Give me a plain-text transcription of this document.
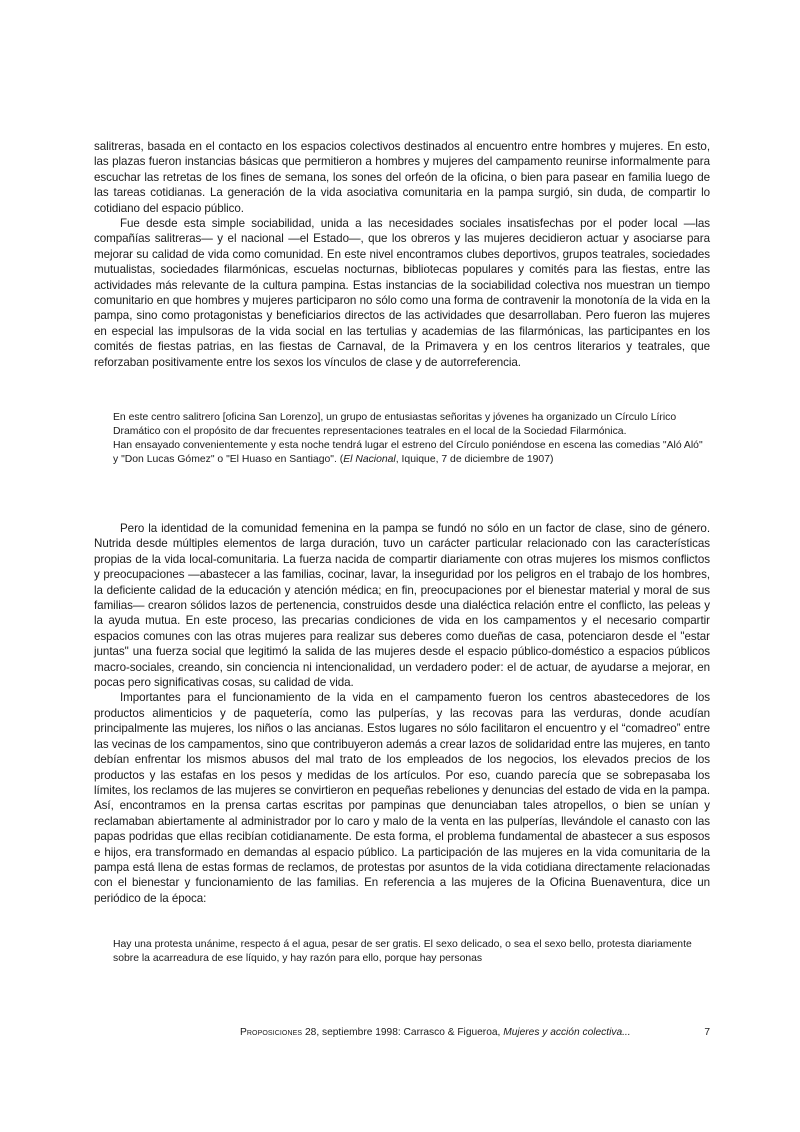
salitreras, basada en el contacto en los espacios colectivos destinados al encuentro entre hombres y mujeres. En esto, las plazas fueron instancias básicas que permitieron a hombres y mujeres del campamento reunirse informalmente para escuchar las retretas de los fines de semana, los sones del orfeón de la oficina, o bien para pasear en familia luego de las tareas cotidianas. La generación de la vida asociativa comunitaria en la pampa surgió, sin duda, de compartir lo cotidiano del espacio público.

Fue desde esta simple sociabilidad, unida a las necesidades sociales insatisfechas por el poder local —las compañías salitreras— y el nacional —el Estado—, que los obreros y las mujeres decidieron actuar y asociarse para mejorar su calidad de vida como comunidad. En este nivel encontramos clubes deportivos, grupos teatrales, sociedades mutualistas, sociedades filarmónicas, escuelas nocturnas, bibliotecas populares y comités para las fiestas, entre las actividades más relevante de la cultura pampina. Estas instancias de la sociabilidad colectiva nos muestran un tiempo comunitario en que hombres y mujeres participaron no sólo como una forma de contravenir la monotonía de la vida en la pampa, sino como protagonistas y beneficiarios directos de las actividades que desarrollaban. Pero fueron las mujeres en especial las impulsoras de la vida social en las tertulias y academias de las filarmónicas, las participantes en los comités de fiestas patrias, en las fiestas de Carnaval, de la Primavera y en los centros literarios y teatrales, que reforzaban positivamente entre los sexos los vínculos de clase y de autorreferencia.

En este centro salitrero [oficina San Lorenzo], un grupo de entusiastas señoritas y jóvenes ha organizado un Círculo Lírico Dramático con el propósito de dar frecuentes representaciones teatrales en el local de la Sociedad Filarmónica.

Han ensayado convenientemente y esta noche tendrá lugar el estreno del Círculo poniéndose en escena las comedias "Aló Aló" y "Don Lucas Gómez" o "El Huaso en Santiago". (El Nacional, Iquique, 7 de diciembre de 1907)

Pero la identidad de la comunidad femenina en la pampa se fundó no sólo en un factor de clase, sino de género. Nutrida desde múltiples elementos de larga duración, tuvo un carácter particular relacionado con las características propias de la vida local-comunitaria. La fuerza nacida de compartir diariamente con otras mujeres los mismos conflictos y preocupaciones —abastecer a las familias, cocinar, lavar, la inseguridad por los peligros en el trabajo de los hombres, la deficiente calidad de la educación y atención médica; en fin, preocupaciones por el bienestar material y moral de sus familias— crearon sólidos lazos de pertenencia, construidos desde una dialéctica relación entre el conflicto, las peleas y la ayuda mutua. En este proceso, las precarias condiciones de vida en los campamentos y el necesario compartir espacios comunes con las otras mujeres para realizar sus deberes como dueñas de casa, potenciaron desde el "estar juntas" una fuerza social que legitimó la salida de las mujeres desde el espacio público-doméstico a espacios públicos macro-sociales, creando, sin conciencia ni intencionalidad, un verdadero poder: el de actuar, de ayudarse a mejorar, en pocas pero significativas cosas, su calidad de vida.

Importantes para el funcionamiento de la vida en el campamento fueron los centros abastecedores de los productos alimenticios y de paquetería, como las pulperías, y las recovas para las verduras, donde acudían principalmente las mujeres, los niños o las ancianas. Estos lugares no sólo facilitaron el encuentro y el “comadreo” entre las vecinas de los campamentos, sino que contribuyeron además a crear lazos de solidaridad entre las mujeres, en tanto debían enfrentar los mismos abusos del mal trato de los empleados de los negocios, los elevados precios de los productos y las estafas en los pesos y medidas de los artículos. Por eso, cuando parecía que se sobrepasaba los límites, los reclamos de las mujeres se convirtieron en pequeñas rebeliones y denuncias del estado de vida en la pampa. Así, encontramos en la prensa cartas escritas por pampinas que denunciaban tales atropellos, o bien se unían y reclamaban abiertamente al administrador por lo caro y malo de la venta en las pulperías, llevándole el canasto con las papas podridas que ellas recibían cotidianamente. De esta forma, el problema fundamental de abastecer a sus esposos e hijos, era transformado en demandas al espacio público. La participación de las mujeres en la vida comunitaria de la pampa está llena de estas formas de reclamos, de protestas por asuntos de la vida cotidiana directamente relacionadas con el bienestar y funcionamiento de las familias. En referencia a las mujeres de la Oficina Buenaventura, dice un periódico de la época:

Hay una protesta unánime, respecto á el agua, pesar de ser gratis. El sexo delicado, o sea el sexo bello, protesta diariamente sobre la acarreadura de ese líquido, y hay razón para ello, porque hay personas

Proposiciones 28, septiembre 1998: Carrasco & Figueroa, Mujeres y acción colectiva...	7
